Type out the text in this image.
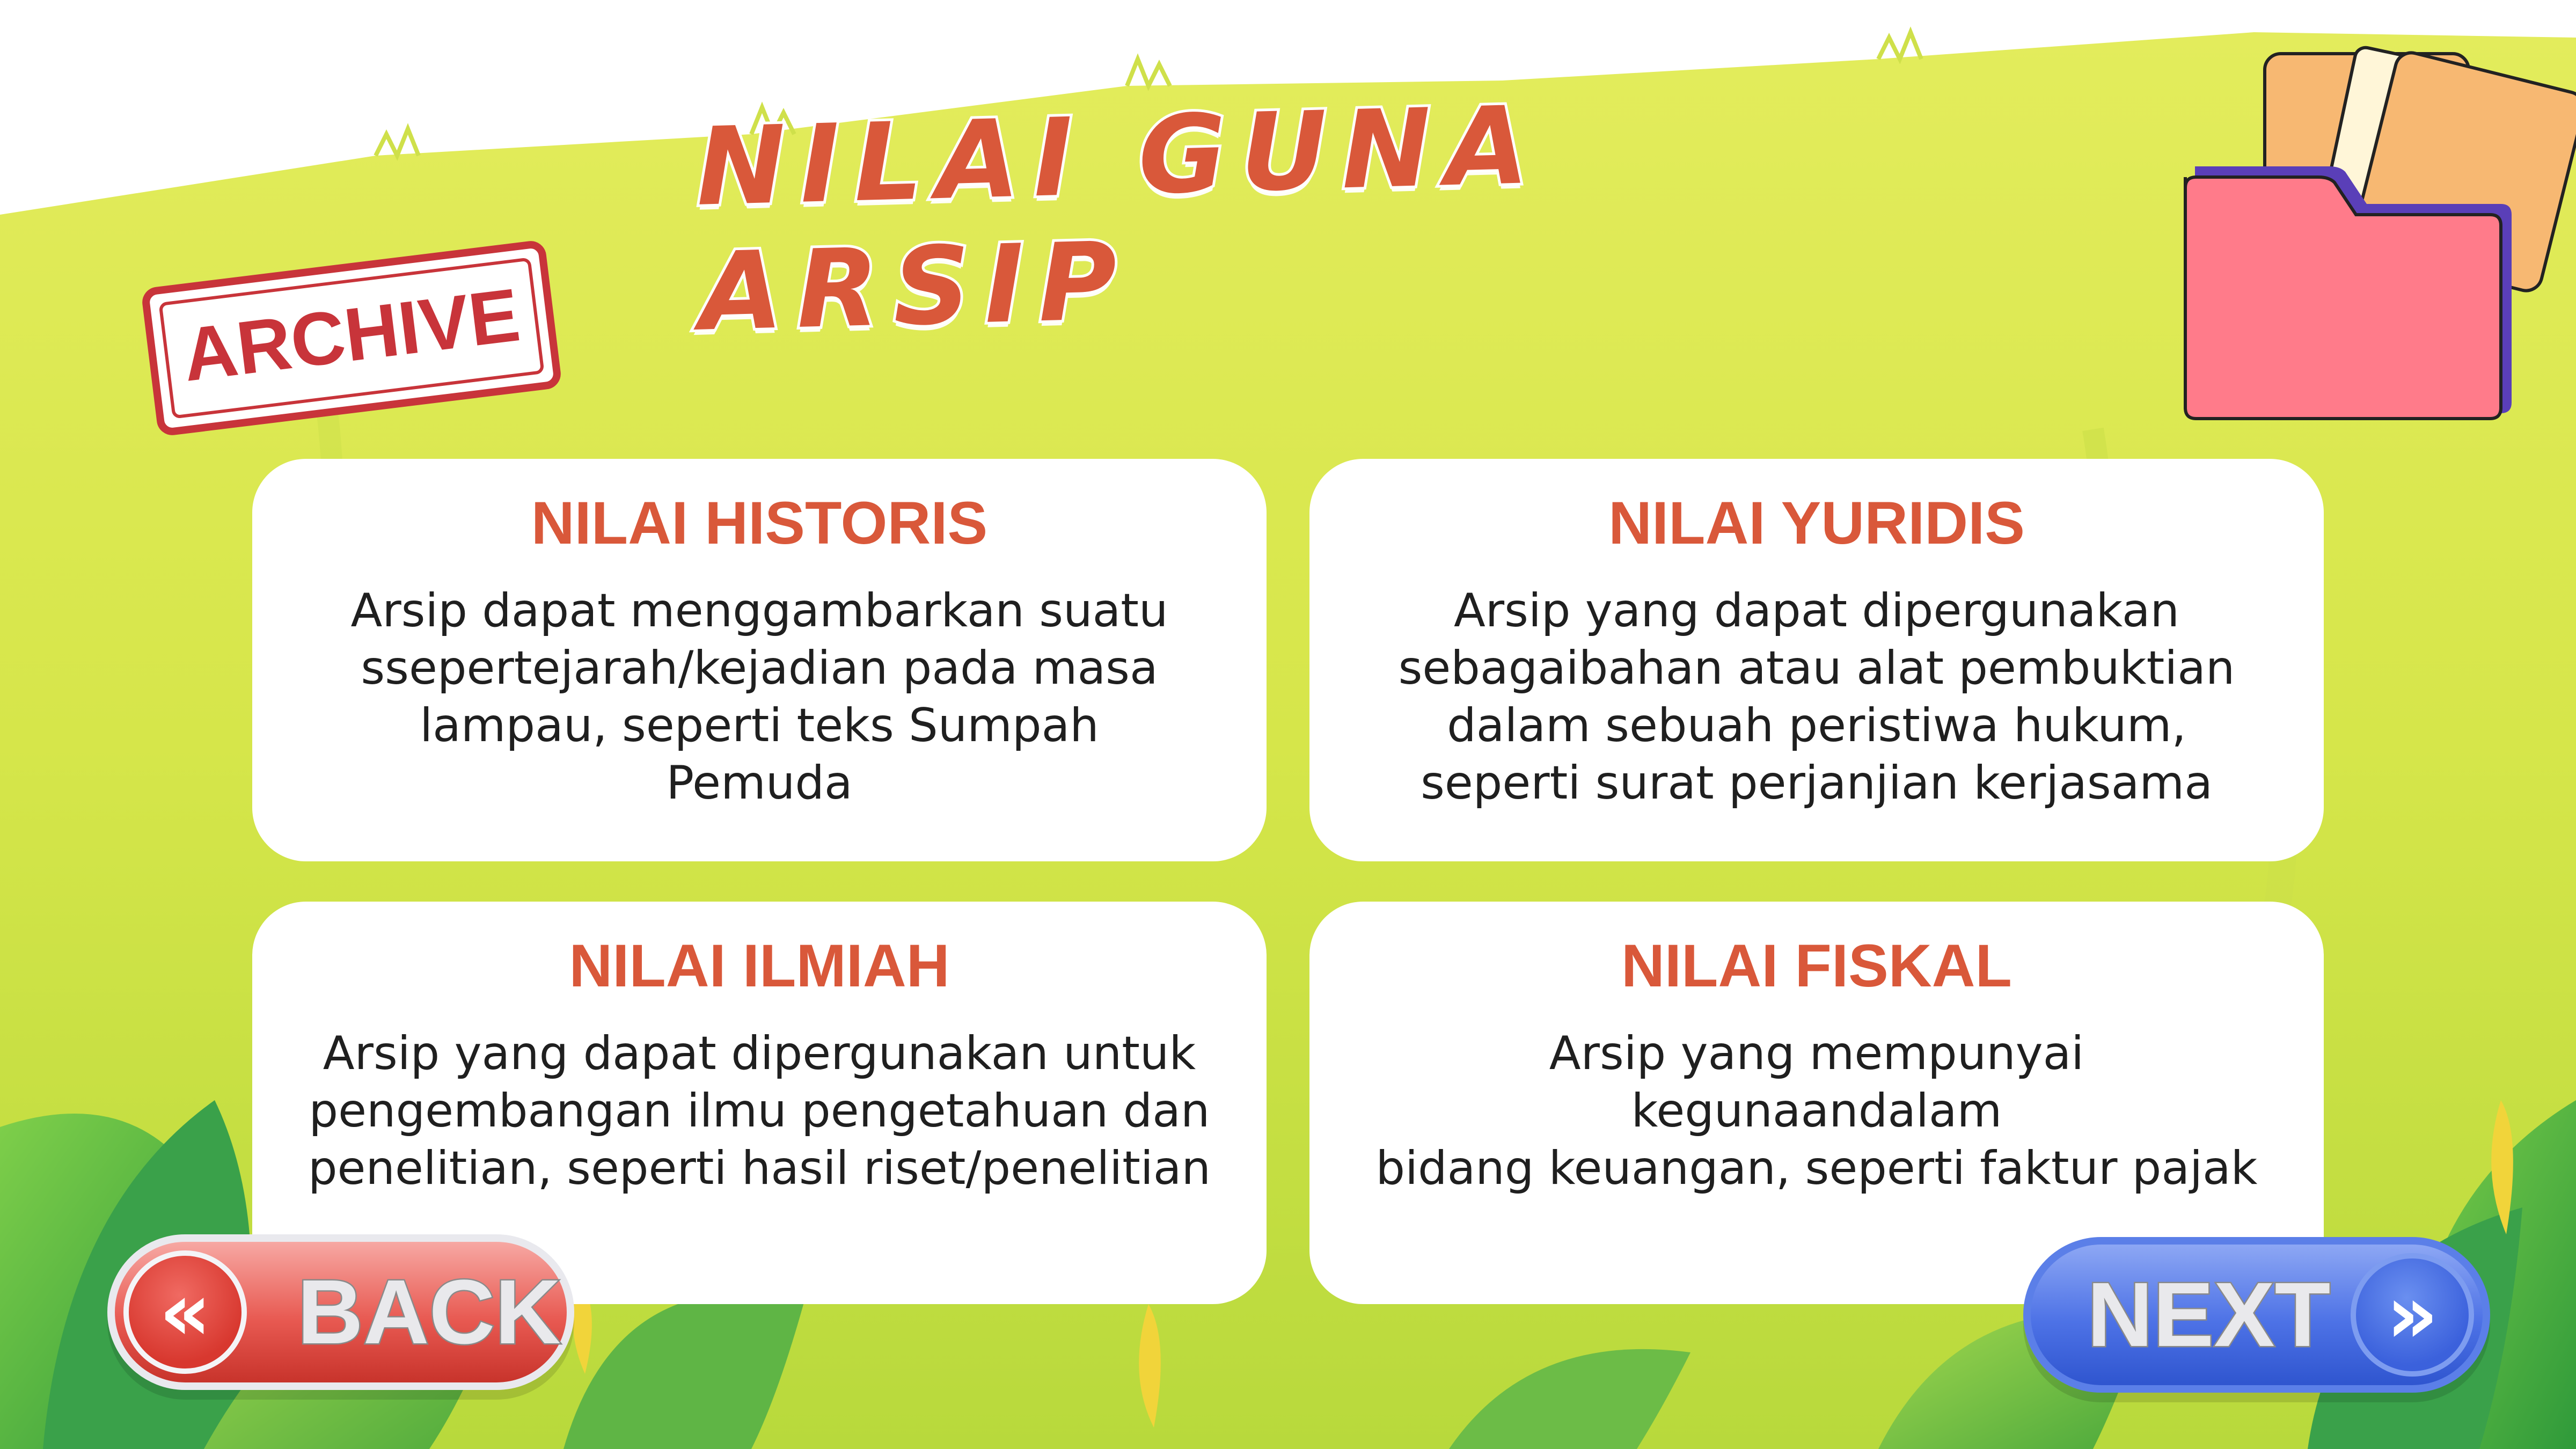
NILAI GUNA ARSIP
ARCHIVE
NILAI HISTORIS
Arsip dapat menggambarkan suatu
ssepertejarah/kejadian pada masa
lampau, seperti teks Sumpah
Pemuda
NILAI YURIDIS
Arsip yang dapat dipergunakan
sebagaibahan atau alat pembuktian
dalam sebuah peristiwa hukum,
seperti surat perjanjian kerjasama
NILAI ILMIAH
Arsip yang dapat dipergunakan untuk
pengembangan ilmu pengetahuan dan
penelitian, seperti hasil riset/penelitian
NILAI FISKAL
Arsip yang mempunyai kegunaandalam
bidang keuangan, seperti faktur pajak
« BACK	NEXT »
